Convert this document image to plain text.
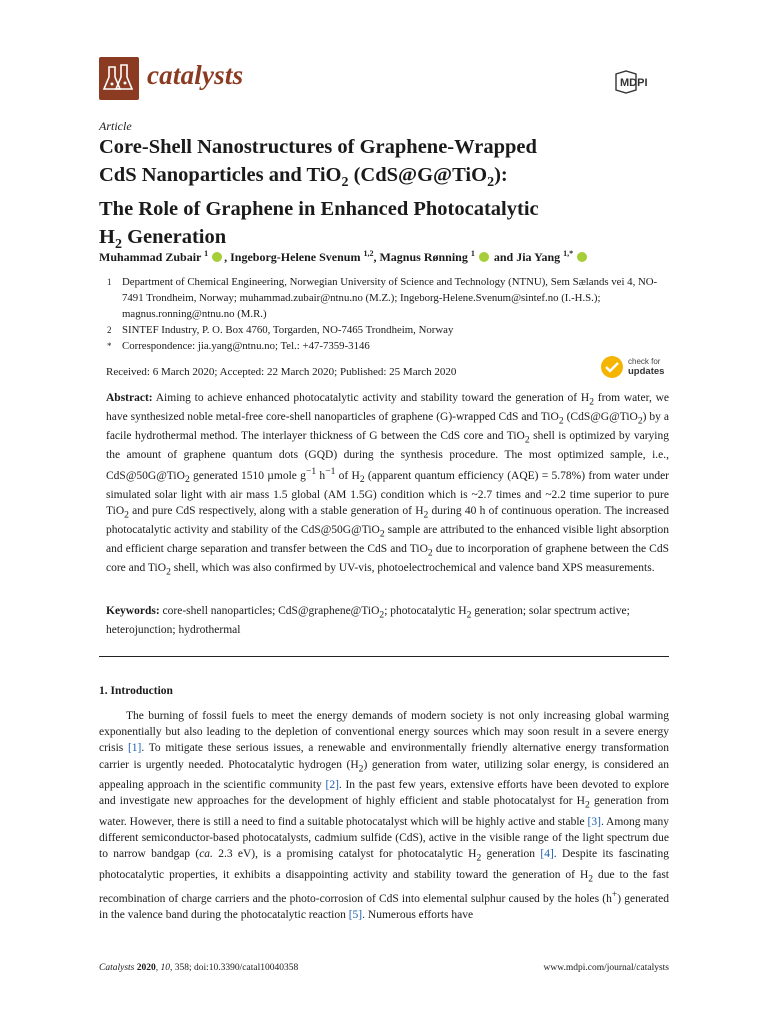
catalysts	MDPI
Article
Core-Shell Nanostructures of Graphene-Wrapped
CdS Nanoparticles and TiO$_2$ (CdS@G@TiO$_2$):
The Role of Graphene in Enhanced Photocatalytic
$H_2$ Generation
Muhammad Zubair $^1$ , Ingeborg-Helene Svenum $^{1,2}$, Magnus Rønning $^1$  and Jia Yang $^{1,*}$
1 Department of Chemical Engineering, Norwegian University of Science and Technology (NTNU), Sem Sælands vei 4, NO-7491 Trondheim, Norway; muhammad.zubair@ntnu.no (M.Z.); Ingeborg-Helene.Svenum@sintef.no (I.-H.S.); magnus.ronning@ntnu.no (M.R.)
2 SINTEF Industry, P. O. Box 4760, Torgarden, NO-7465 Trondheim, Norway
* Correspondence: jia.yang@ntnu.no; Tel.: +47-7359-3146
Received: 6 March 2020; Accepted: 22 March 2020; Published: 25 March 2020
check for
updates
Abstract: Aiming to achieve enhanced photocatalytic activity and stability toward the generation of $H_2$ from water, we have synthesized noble metal-free core-shell nanoparticles of graphene (G)-wrapped CdS and TiO$_2$ (CdS@G@TiO$_2$) by a facile hydrothermal method. The interlayer thickness of G between the CdS core and TiO$_2$ shell is optimized by varying the amount of graphene quantum dots (GQD) during the synthesis procedure. The most optimized sample, i.e., CdS@50G@TiO$_2$ generated 1510 µmole $g^{-1}$ $h^{-1}$ of $H_2$ (apparent quantum efficiency (AQE) = 5.78%) from water under simulated solar light with air mass 1.5 global (AM 1.5G) condition which is ~2.7 times and ~2.2 time superior to pure TiO$_2$ and pure CdS respectively, along with a stable generation of $H_2$ during 40 h of continuous operation. The increased photocatalytic activity and stability of the CdS@50G@TiO$_2$ sample are attributed to the enhanced visible light absorption and efficient charge separation and transfer between the CdS and TiO$_2$ due to incorporation of graphene between the CdS core and TiO$_2$ shell, which was also confirmed by UV-vis, photoelectrochemical and valence band XPS measurements.
Keywords: core-shell nanoparticles; CdS@graphene@TiO$_2$; photocatalytic $H_2$ generation; solar spectrum active; heterojunction; hydrothermal
1. Introduction
The burning of fossil fuels to meet the energy demands of modern society is not only increasing global warming exponentially but also leading to the depletion of conventional energy sources which may soon result in a severe energy crisis [1]. To mitigate these serious issues, a renewable and environmentally friendly alternative energy transformation carrier is urgently needed. Photocatalytic hydrogen $(H_2)$ generation from water, utilizing solar energy, is considered an appealing approach in the scientific community [2]. In the past few years, extensive efforts have been devoted to explore and investigate new approaches for the development of highly efficient and stable photocatalyst for $H_2$ generation from water. However, there is still a need to find a suitable photocatalyst which will be highly active and stable [3]. Among many different semiconductor-based photocatalysts, cadmium sulfide (CdS), active in the visible range of the light spectrum due to narrow bandgap (ca. 2.3 eV), is a promising catalyst for photocatalytic $H_2$ generation [4]. Despite its fascinating photocatalytic properties, it exhibits a disappointing activity and stability toward the generation of $H_2$ due to the fast recombination of charge carriers and the photo-corrosion of CdS into elemental sulphur caused by the holes (h+) generated in the valence band during the photocatalytic reaction [5]. Numerous efforts have
Catalysts 2020, 10, 358; doi:10.3390/catal10040358	www.mdpi.com/journal/catalysts
